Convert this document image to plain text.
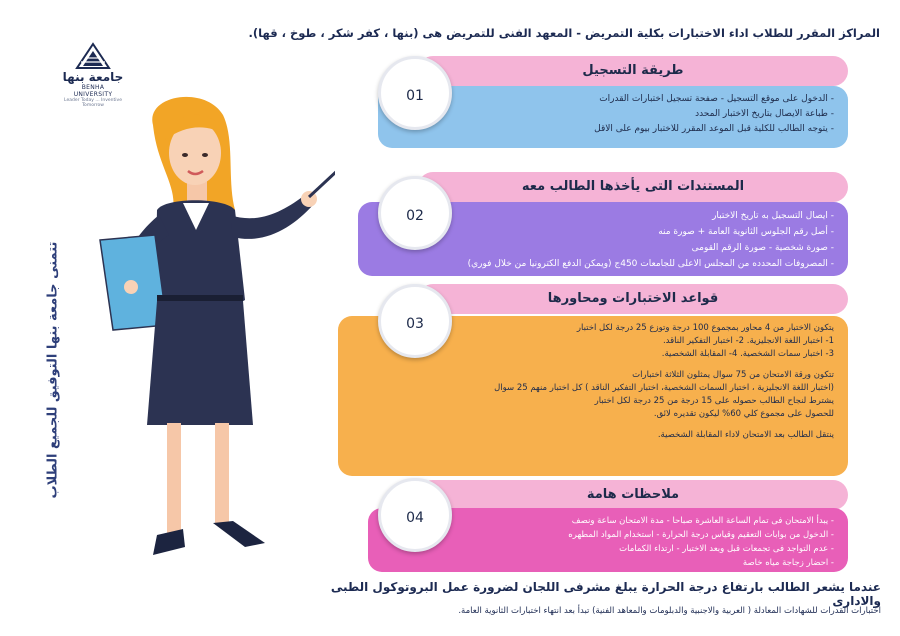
المراكز المقرر للطلاب اداء الاختبارات بكلية التمريض - المعهد الفنى للتمريض هى (بنها ، كفر شكر ، طوخ ، قها).
جامعة بنها
BENHA UNIVERSITY
Leader Today ... Inventive Tomorrow
تتمنى جامعة بنها التوفيق للجميع الطلاب
طريقة التسجيل
- الدخول على موقع التسجيل - صفحة تسجيل اختبارات القدرات
- طباعة الايصال بتاريخ الاختبار المحدد
- يتوجه الطالب للكلية قبل الموعد المقرر للاختبار بيوم على الاقل
01
المستندات التى يأخذها الطالب معه
- ايصال التسجيل به تاريخ الاختبار
- أصل رقم الجلوس الثانوية العامة + صورة منه
- صورة شخصية - صورة الرقم القومى
- المصروفات المحدده من المجلس الاعلى للجامعات 450ج (ويمكن الدفع الكترونيا من خلال فوري)
02
قواعد الاختبارات ومحاورها
يتكون الاختبار من 4 محاور بمجموع 100 درجة وتوزع 25 درجة لكل اختبار
1- اختبار اللغة الانجليزية. 2- اختبار التفكير الناقد.
3- اختبار سمات الشخصية. 4- المقابلة الشخصية.
تتكون ورقة الامتحان من 75 سوال يمثلون الثلاثة اختبارات
(اختبار اللغة الانجليزية ، اختبار السمات الشخصية، اختبار التفكير الناقد ) كل اختبار منهم 25 سوال
يشترط لنجاح الطالب حصوله على 15 درجة من 25 درجة لكل اختبار
للحصول على مجموع كلي 60% ليكون تقديره لائق.
ينتقل الطالب بعد الامتحان لاداء المقابلة الشخصية.
03
ملاحظات هامة
- يبدأ الامتحان فى تمام الساعة العاشرة صباحا - مدة الامتحان ساعة ونصف
- الدخول من بوابات التعقيم وقياس درجة الحرارة - استخدام المواد المطهره
- عدم التواجد فى تجمعات قبل وبعد الاختبار - ارتداء الكمامات
- احضار زجاجة مياه خاصة
04
عندما يشعر الطالب بارتفاع درجة الحرارة يبلغ مشرفى اللجان لضرورة عمل البروتوكول الطبى والادارى
اختبارات القدرات للشهادات المعادلة ( العربية والاجنبية والدبلومات والمعاهد الفنية) تبدأ بعد انتهاء اختبارات الثانوية العامة.
